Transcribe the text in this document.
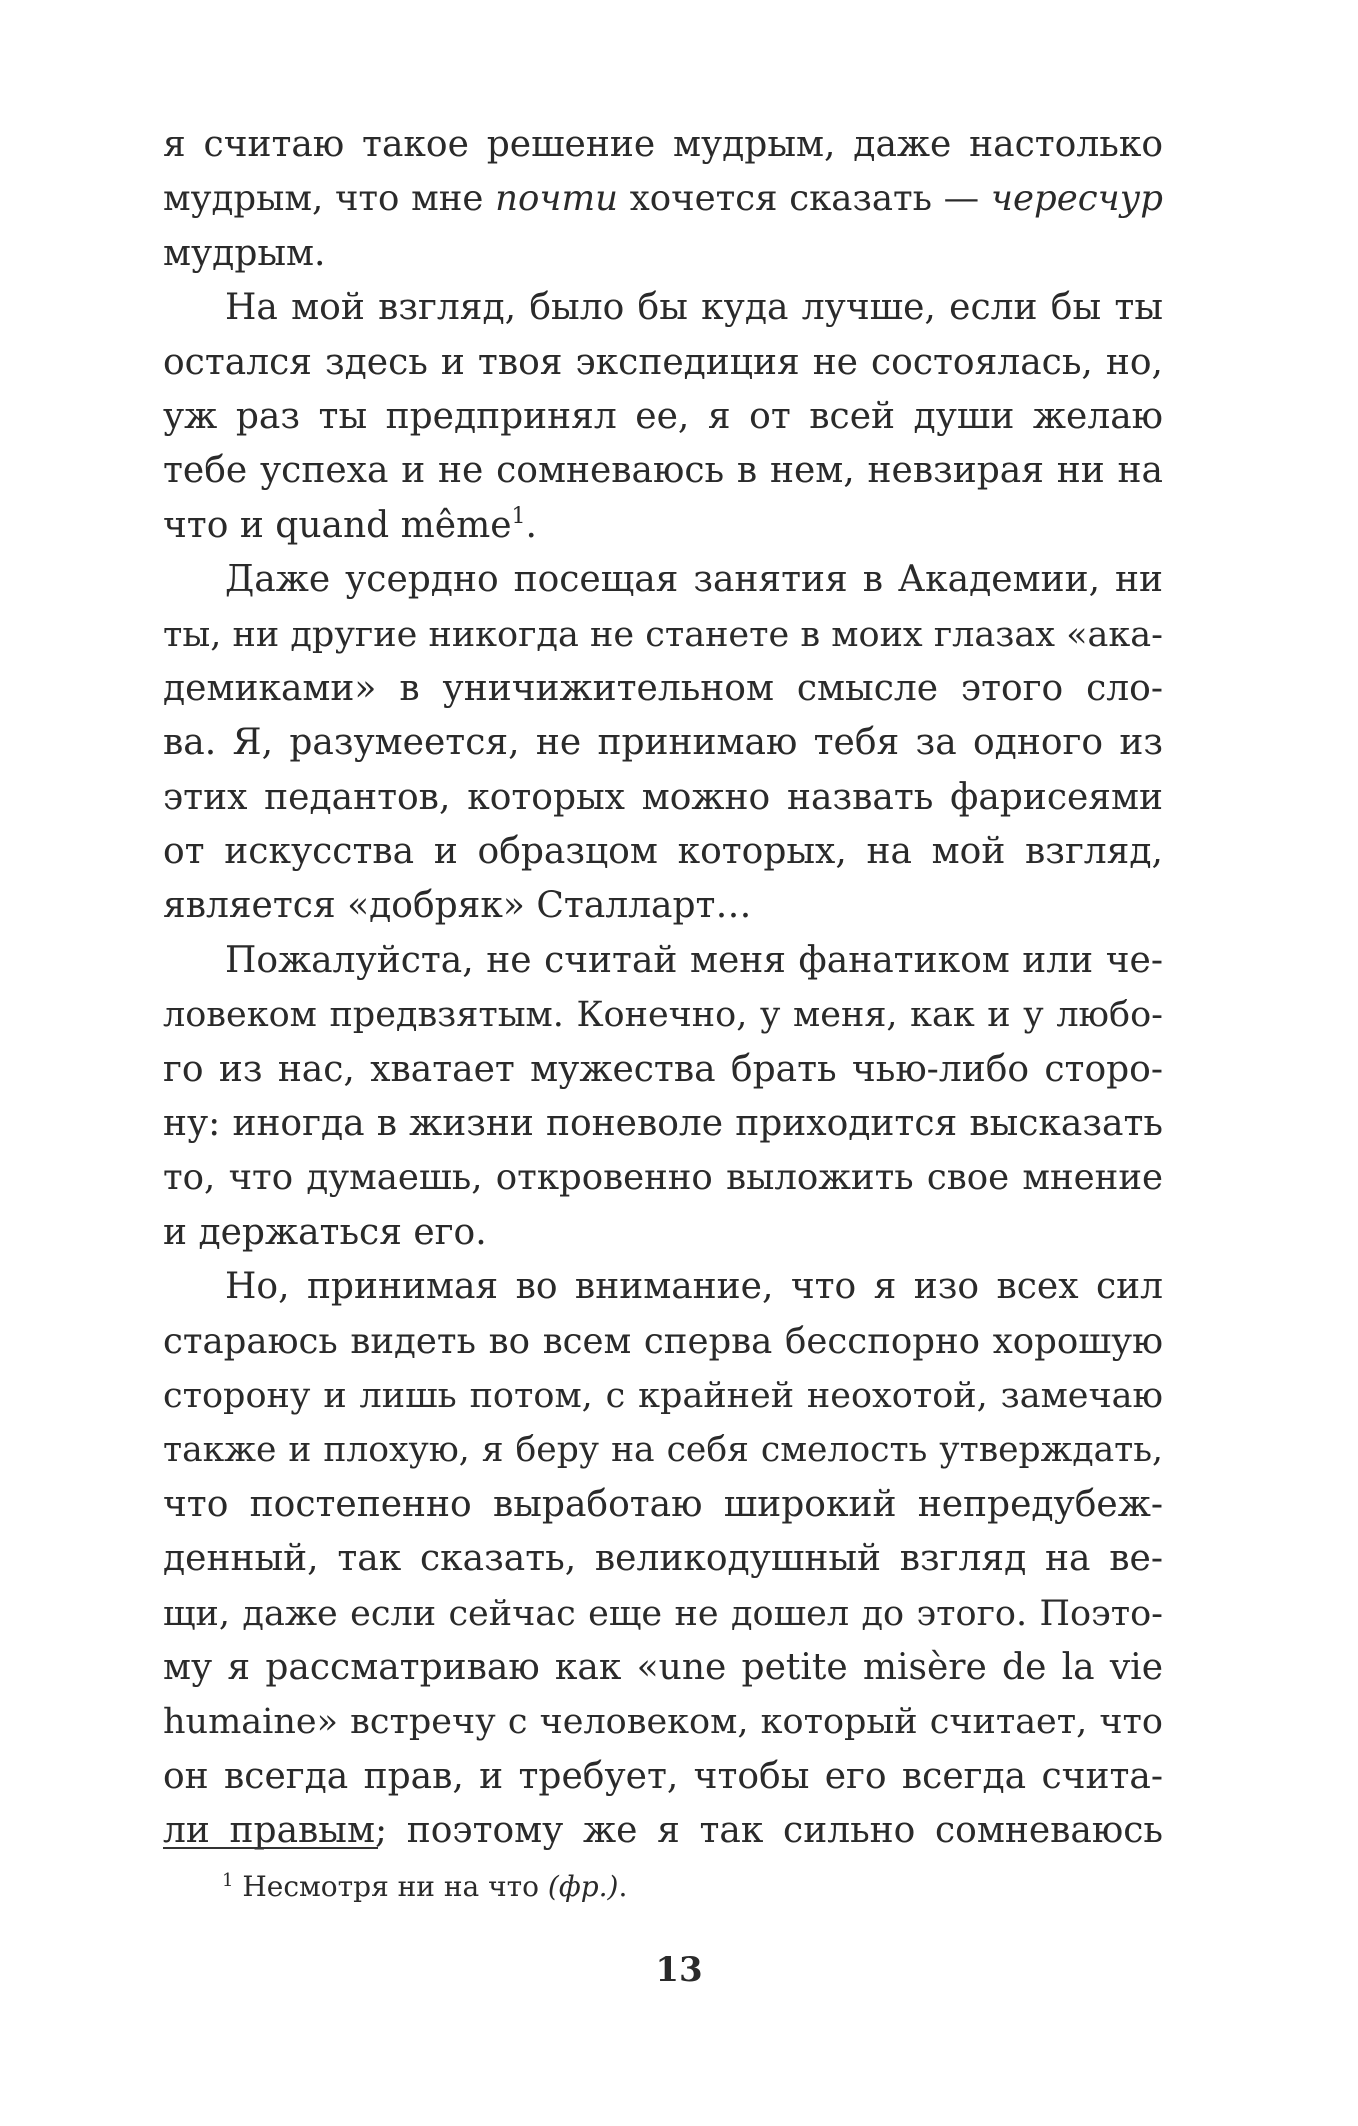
я считаю такое решение мудрым, даже настолько
мудрым, что мне почти хочется сказать — чересчур
мудрым.
На мой взгляд, было бы куда лучше, если бы ты
остался здесь и твоя экспедиция не состоялась, но,
уж раз ты предпринял ее, я от всей души желаю
тебе успеха и не сомневаюсь в нем, невзирая ни на
что и quand même$^1$.
Даже усердно посещая занятия в Академии, ни
ты, ни другие никогда не станете в моих глазах «ака-
демиками» в уничижительном смысле этого сло-
ва. Я, разумеется, не принимаю тебя за одного из
этих педантов, которых можно назвать фарисеями
от искусства и образцом которых, на мой взгляд,
является «добряк» Сталларт…
Пожалуйста, не считай меня фанатиком или че-
ловеком предвзятым. Конечно, у меня, как и у любо-
го из нас, хватает мужества брать чью-либо сторо-
ну: иногда в жизни поневоле приходится высказать
то, что думаешь, откровенно выложить свое мнение
и держаться его.
Но, принимая во внимание, что я изо всех сил
стараюсь видеть во всем сперва бесспорно хорошую
сторону и лишь потом, с крайней неохотой, замечаю
также и плохую, я беру на себя смелость утверждать,
что постепенно выработаю широкий непредубеж-
денный, так сказать, великодушный взгляд на ве-
щи, даже если сейчас еще не дошел до этого. Поэто-
му я рассматриваю как «une petite misère de la vie
humaine» встречу с человеком, который считает, что
он всегда прав, и требует, чтобы его всегда счита-
ли правым; поэтому же я так сильно сомневаюсь
$^1$ Несмотря ни на что (фр.).
13
